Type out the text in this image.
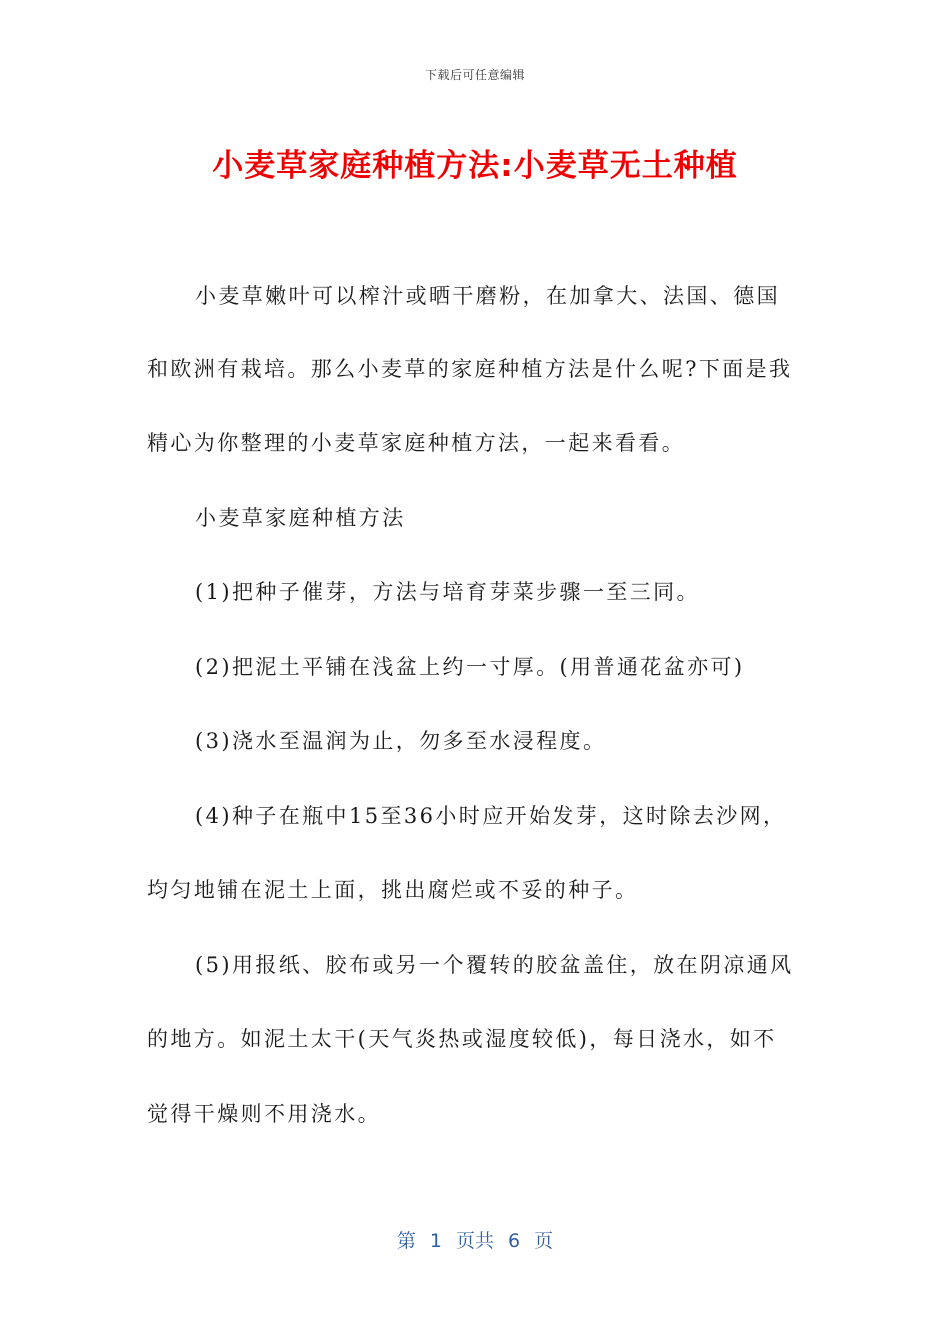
下载后可任意编辑
小麦草家庭种植方法:小麦草无土种植
小麦草嫩叶可以榨汁或晒干磨粉，在加拿大、法国、德国
和欧洲有栽培。那么小麦草的家庭种植方法是什么呢?下面是我
精心为你整理的小麦草家庭种植方法，一起来看看。
小麦草家庭种植方法
(1)把种子催芽，方法与培育芽菜步骤一至三同。
(2)把泥土平铺在浅盆上约一寸厚。(用普通花盆亦可)
(3)浇水至温润为止，勿多至水浸程度。
(4)种子在瓶中15至36小时应开始发芽，这时除去沙网，
均匀地铺在泥土上面，挑出腐烂或不妥的种子。
(5)用报纸、胶布或另一个覆转的胶盆盖住，放在阴凉通风
的地方。如泥土太干(天气炎热或湿度较低)，每日浇水，如不
觉得干燥则不用浇水。
第 1 页共 6 页
